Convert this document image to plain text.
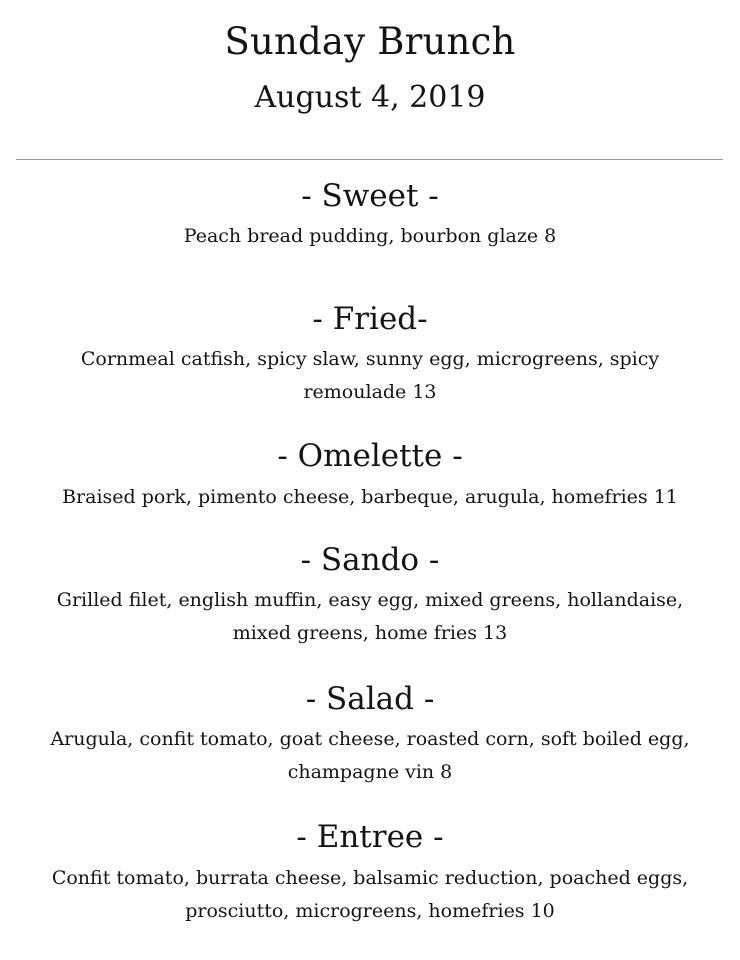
Sunday Brunch
August 4, 2019
- Sweet -
Peach bread pudding, bourbon glaze 8
- Fried-
Cornmeal catfish, spicy slaw, sunny egg, microgreens, spicy
remoulade 13
- Omelette -
Braised pork, pimento cheese, barbeque, arugula, homefries 11
- Sando -
Grilled filet, english muffin, easy egg, mixed greens, hollandaise,
mixed greens, home fries 13
- Salad -
Arugula, confit tomato, goat cheese, roasted corn, soft boiled egg,
champagne vin 8
- Entree -
Confit tomato, burrata cheese, balsamic reduction, poached eggs,
prosciutto, microgreens, homefries 10
